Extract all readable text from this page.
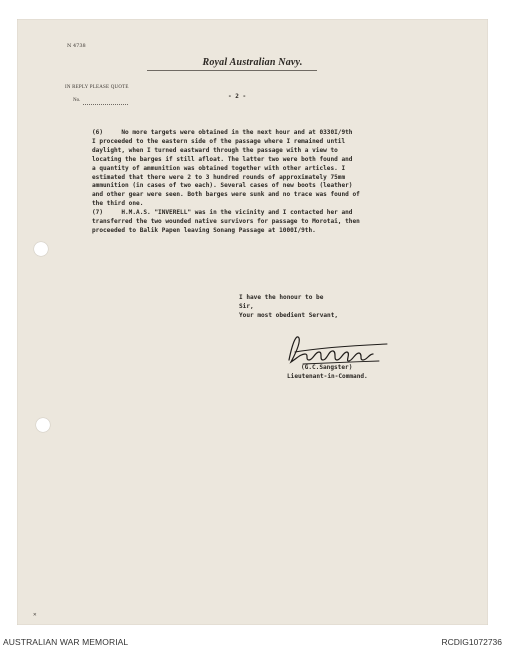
N 4738
Royal Australian Navy.
IN REPLY PLEASE QUOTE
No.
- 2 -
(6)     No more targets were obtained in the next hour and at 0330I/9th
I proceeded to the eastern side of the passage where I remained until
daylight, when I turned eastward through the passage with a view to
locating the barges if still afloat. The latter two were both found and
a quantity of ammunition was obtained together with other articles. I
estimated that there were 2 to 3 hundred rounds of approximately 75mm
ammunition (in cases of two each). Several cases of new boots (leather)
and other gear were seen. Both barges were sunk and no trace was found of
the third one.
(7)     H.M.A.S. "INVERELL" was in the vicinity and I contacted her and
transferred the two wounded native survivors for passage to Morotai, then
proceeded to Balik Papen leaving Sonang Passage at 1000I/9th.
I have the honour to be
Sir,
Your most obedient Servant,
(G.C.Sangster)
Lieutenant-in-Command.
✕
AUSTRALIAN WAR MEMORIAL	RCDIG1072736
